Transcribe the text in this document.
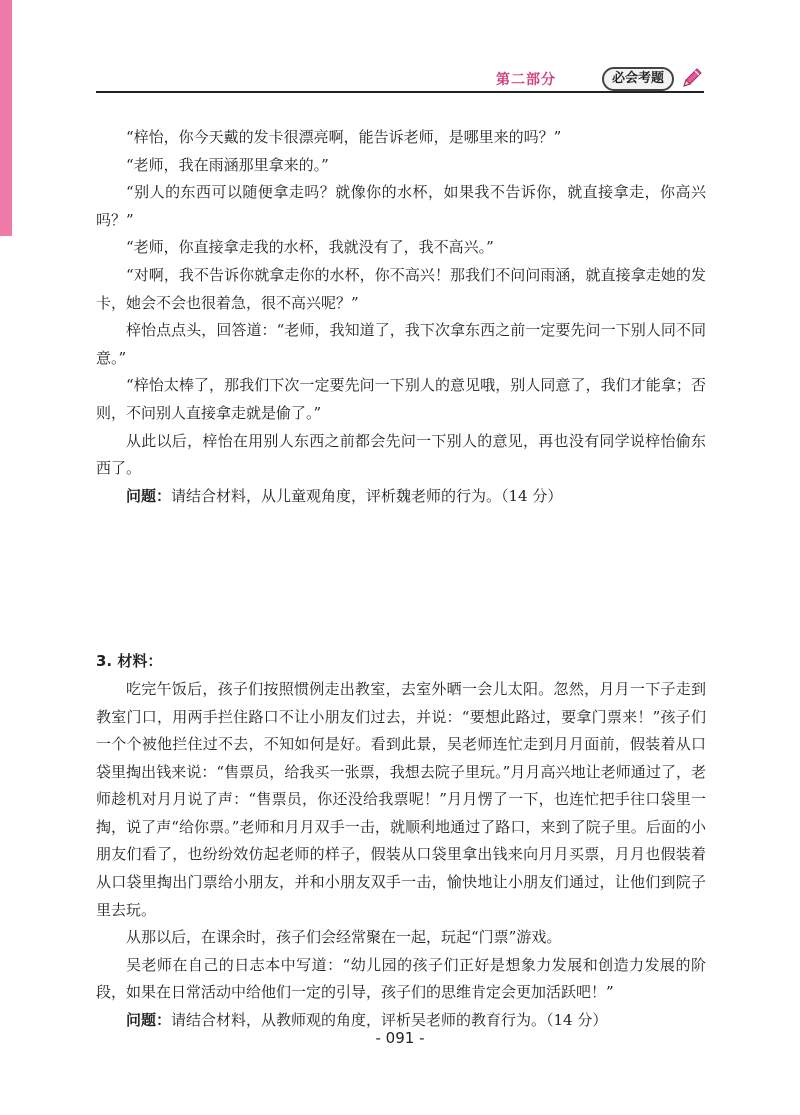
第二部分	必会考题

“梓怡，你今天戴的发卡很漂亮啊，能告诉老师，是哪里来的吗？”

“老师，我在雨涵那里拿来的。”

“别人的东西可以随便拿走吗？就像你的水杯，如果我不告诉你，就直接拿走，你高兴吗？”

“老师，你直接拿走我的水杯，我就没有了，我不高兴。”

“对啊，我不告诉你就拿走你的水杯，你不高兴！那我们不问问雨涵，就直接拿走她的发卡，她会不会也很着急，很不高兴呢？”

梓怡点点头，回答道：“老师，我知道了，我下次拿东西之前一定要先问一下别人同不同意。”

“梓怡太棒了，那我们下次一定要先问一下别人的意见哦，别人同意了，我们才能拿；否则，不问别人直接拿走就是偷了。”

从此以后，梓怡在用别人东西之前都会先问一下别人的意见，再也没有同学说梓怡偷东西了。

问题：请结合材料，从儿童观角度，评析魏老师的行为。（14 分）

3. 材料：

吃完午饭后，孩子们按照惯例走出教室，去室外晒一会儿太阳。忽然，月月一下子走到教室门口，用两手拦住路口不让小朋友们过去，并说：“要想此路过，要拿门票来！”孩子们一个个被他拦住过不去，不知如何是好。看到此景，吴老师连忙走到月月面前，假装着从口袋里掏出钱来说：“售票员，给我买一张票，我想去院子里玩。”月月高兴地让老师通过了，老师趁机对月月说了声：“售票员，你还没给我票呢！”月月愣了一下，也连忙把手往口袋里一掏，说了声“给你票。”老师和月月双手一击，就顺利地通过了路口，来到了院子里。后面的小朋友们看了，也纷纷效仿起老师的样子，假装从口袋里拿出钱来向月月买票，月月也假装着从口袋里掏出门票给小朋友，并和小朋友双手一击，愉快地让小朋友们通过，让他们到院子里去玩。

从那以后，在课余时，孩子们会经常聚在一起，玩起“门票”游戏。

吴老师在自己的日志本中写道：“幼儿园的孩子们正好是想象力发展和创造力发展的阶段，如果在日常活动中给他们一定的引导，孩子们的思维肯定会更加活跃吧！”

问题：请结合材料，从教师观的角度，评析吴老师的教育行为。（14 分）

- 091 -
